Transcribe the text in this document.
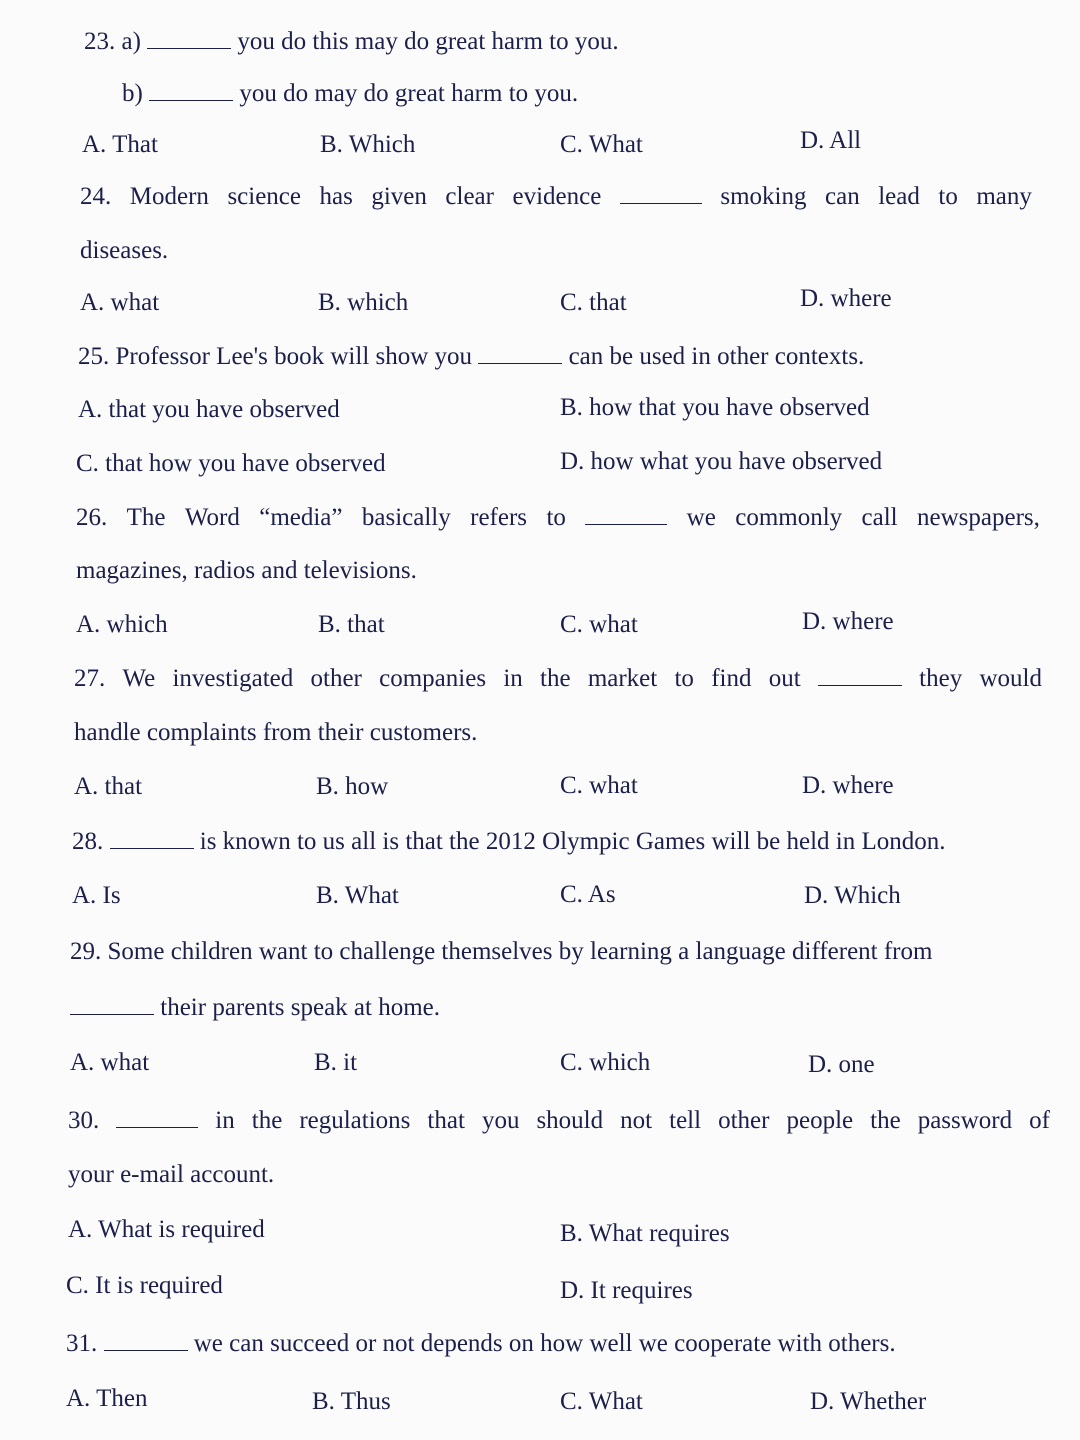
23. a)	you do this may do great harm to you.
b)	you do may do great harm to you.
A. That	B. Which	C. What	D. All
24. Modern science has given clear evidence	smoking can lead to many
diseases.
A. what	B. which	C. that	D. where
25. Professor Lee's book will show you	can be used in other contexts.
A. that you have observed	B. how that you have observed
C. that how you have observed	D. how what you have observed
26. The Word “media” basically refers to	we commonly call newspapers,
magazines, radios and televisions.
A. which	B. that	C. what	D. where
27. We investigated other companies in the market to find out	they would
handle complaints from their customers.
A. that	B. how	C. what	D. where
28.	is known to us all is that the 2012 Olympic Games will be held in London.
A. Is	B. What	C. As	D. Which
29. Some children want to challenge themselves by learning a language different from
their parents speak at home.
A. what	B. it	C. which	D. one
30.	in the regulations that you should not tell other people the password of
your e-mail account.
A. What is required	B. What requires
C. It is required	D. It requires
31.	we can succeed or not depends on how well we cooperate with others.
A. Then	B. Thus	C. What	D. Whether
